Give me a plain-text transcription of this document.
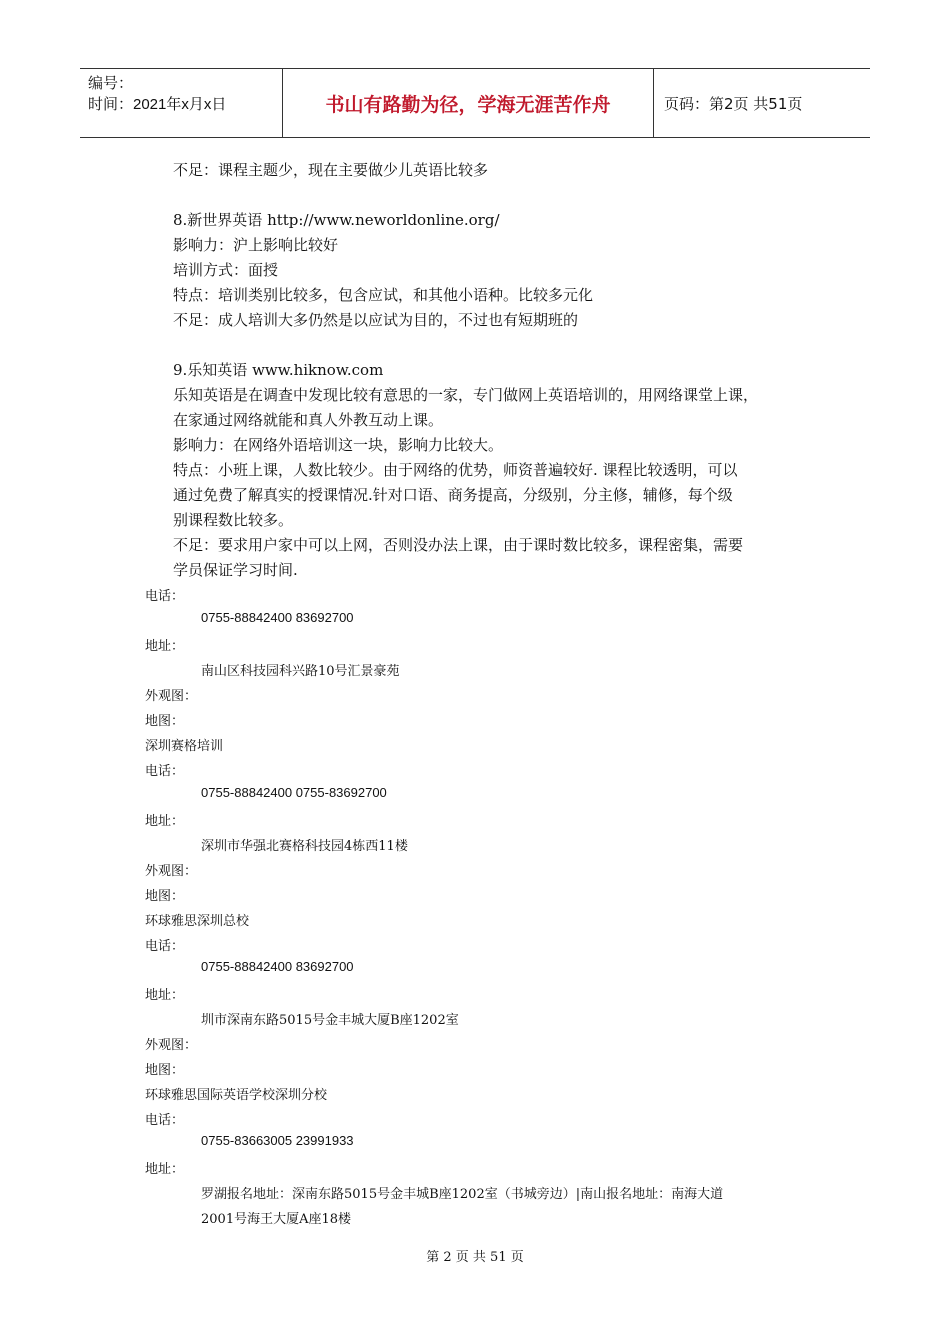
编号：
时间：2021年x月x日	书山有路勤为径，学海无涯苦作舟	页码：第2页 共51页
不足：课程主题少，现在主要做少儿英语比较多
8.新世界英语 http://www.neworldonline.org/
影响力：沪上影响比较好
培训方式：面授
特点：培训类别比较多，包含应试，和其他小语种。比较多元化
不足：成人培训大多仍然是以应试为目的，不过也有短期班的
9.乐知英语 www.hiknow.com
乐知英语是在调查中发现比较有意思的一家，专门做网上英语培训的，用网络课堂上课，
在家通过网络就能和真人外教互动上课。
影响力：在网络外语培训这一块，影响力比较大。
特点：小班上课，人数比较少。由于网络的优势，师资普遍较好. 课程比较透明，可以
通过免费了解真实的授课情况.针对口语、商务提高，分级别，分主修，辅修，每个级
别课程数比较多。
不足：要求用户家中可以上网，否则没办法上课，由于课时数比较多，课程密集，需要
学员保证学习时间.
电话：
0755-88842400 83692700
地址：
南山区科技园科兴路10号汇景豪苑
外观图：
地图：
深圳赛格培训
电话：
0755-88842400 0755-83692700
地址：
深圳市华强北赛格科技园4栋西11楼
外观图：
地图：
环球雅思深圳总校
电话：
0755-88842400 83692700
地址：
圳市深南东路5015号金丰城大厦B座1202室
外观图：
地图：
环球雅思国际英语学校深圳分校
电话：
0755-83663005 23991933
地址：
罗湖报名地址：深南东路5015号金丰城B座1202室（书城旁边）|南山报名地址：南海大道
2001号海王大厦A座18楼
第 2 页 共 51 页
